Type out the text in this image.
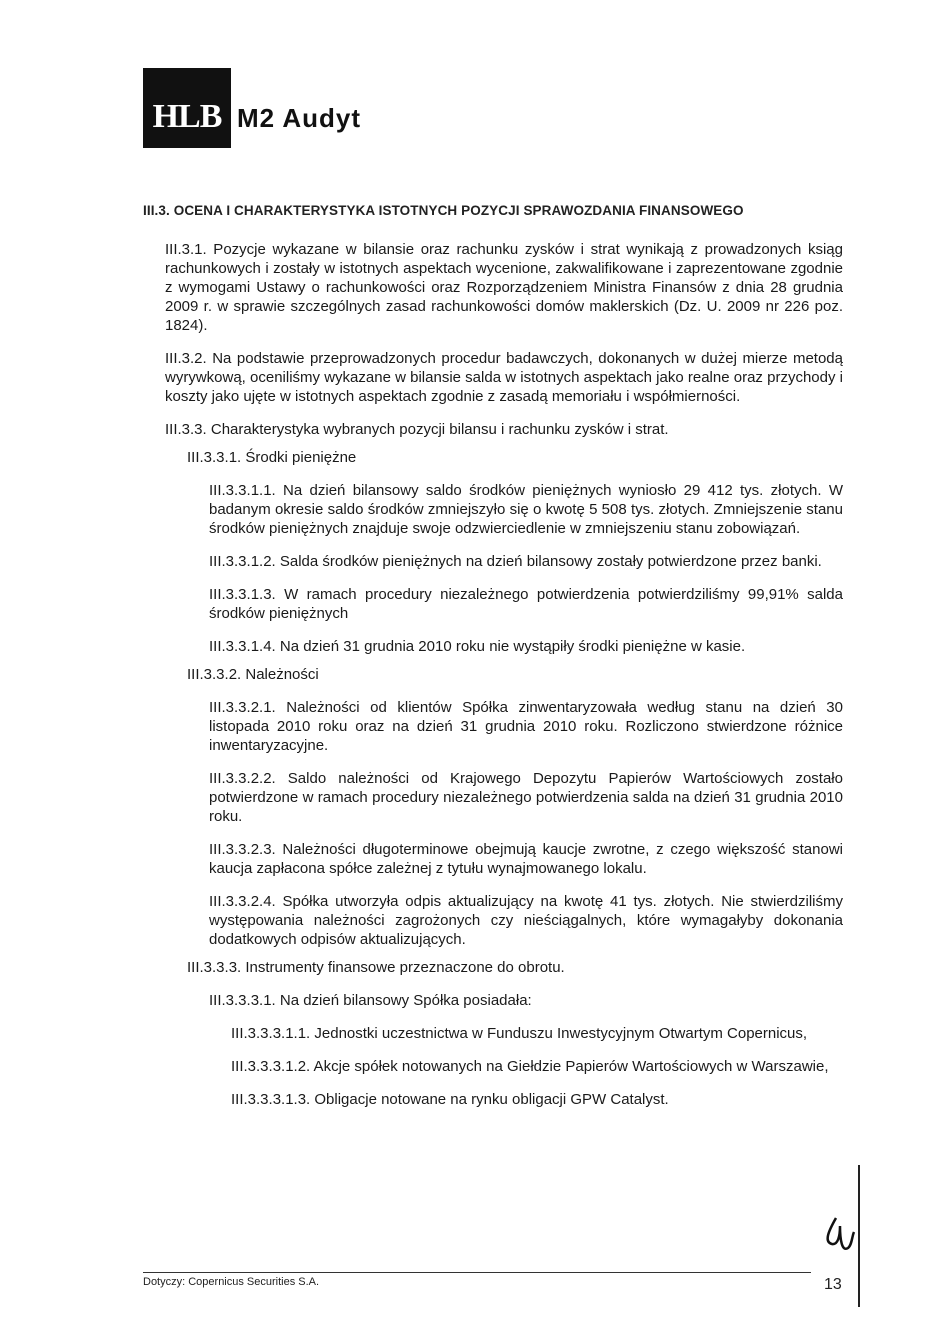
HLB M2 Audyt
III.3. OCENA I CHARAKTERYSTYKA ISTOTNYCH POZYCJI SPRAWOZDANIA FINANSOWEGO

III.3.1. Pozycje wykazane w bilansie oraz rachunku zysków i strat wynikają z prowadzonych ksiąg rachunkowych i zostały w istotnych aspektach wycenione, zakwalifikowane i zaprezentowane zgodnie z wymogami Ustawy o rachunkowości oraz Rozporządzeniem Ministra Finansów z dnia 28 grudnia 2009 r. w sprawie szczególnych zasad rachunkowości domów maklerskich (Dz. U. 2009 nr 226 poz. 1824).

III.3.2. Na podstawie przeprowadzonych procedur badawczych, dokonanych w dużej mierze metodą wyrywkową, oceniliśmy wykazane w bilansie salda w istotnych aspektach jako realne oraz przychody i koszty jako ujęte w istotnych aspektach zgodnie z zasadą memoriału i współmierności.

III.3.3. Charakterystyka wybranych pozycji bilansu i rachunku zysków i strat.

III.3.3.1. Środki pieniężne

III.3.3.1.1. Na dzień bilansowy saldo środków pieniężnych wyniosło 29 412 tys. złotych. W badanym okresie saldo środków zmniejszyło się o kwotę 5 508 tys. złotych. Zmniejszenie stanu środków pieniężnych znajduje swoje odzwierciedlenie w zmniejszeniu stanu zobowiązań.

III.3.3.1.2. Salda środków pieniężnych na dzień bilansowy zostały potwierdzone przez banki.

III.3.3.1.3. W ramach procedury niezależnego potwierdzenia potwierdziliśmy 99,91% salda środków pieniężnych

III.3.3.1.4. Na dzień 31 grudnia 2010 roku nie wystąpiły środki pieniężne w kasie.

III.3.3.2. Należności

III.3.3.2.1. Należności od klientów Spółka zinwentaryzowała według stanu na dzień 30 listopada 2010 roku oraz na dzień 31 grudnia 2010 roku. Rozliczono stwierdzone różnice inwentaryzacyjne.

III.3.3.2.2. Saldo należności od Krajowego Depozytu Papierów Wartościowych zostało potwierdzone w ramach procedury niezależnego potwierdzenia salda na dzień 31 grudnia 2010 roku.

III.3.3.2.3. Należności długoterminowe obejmują kaucje zwrotne, z czego większość stanowi kaucja zapłacona spółce zależnej z tytułu wynajmowanego lokalu.

III.3.3.2.4. Spółka utworzyła odpis aktualizujący na kwotę 41 tys. złotych. Nie stwierdziliśmy występowania należności zagrożonych czy nieściągalnych, które wymagałyby dokonania dodatkowych odpisów aktualizujących.

III.3.3.3. Instrumenty finansowe przeznaczone do obrotu.

III.3.3.3.1. Na dzień bilansowy Spółka posiadała:

III.3.3.3.1.1. Jednostki uczestnictwa w Funduszu Inwestycyjnym Otwartym Copernicus,

III.3.3.3.1.2. Akcje spółek notowanych na Giełdzie Papierów Wartościowych w Warszawie,

III.3.3.3.1.3. Obligacje notowane na rynku obligacji GPW Catalyst.

Dotyczy: Copernicus Securities S.A.	13
